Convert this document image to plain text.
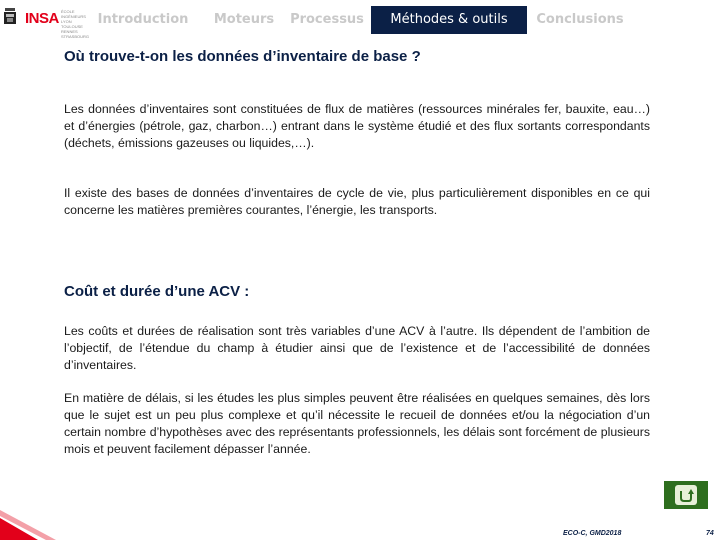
INSA ÉCOLE INGÉNIEURS LYON TOULOUSE RENNES STRASBOURG
Introduction	Moteurs	Processus	Méthodes & outils	Conclusions
Où trouve-t-on les données d’inventaire de base ?
Les données d’inventaires sont constituées de flux de matières (ressources minérales fer, bauxite, eau…) et d’énergies (pétrole, gaz, charbon…) entrant dans le système étudié et des flux sortants correspondants (déchets, émissions gazeuses ou liquides,…).
Il existe des bases de données d’inventaires de cycle de vie, plus particulièrement disponibles en ce qui concerne les matières premières courantes, l’énergie, les transports.
Coût et durée d’une ACV :
Les coûts et durées de réalisation sont très variables d’une ACV à l’autre. Ils dépendent de l’ambition de l’objectif, de l’étendue du champ à étudier ainsi que de l’existence et de l’accessibilité de données d’inventaires.
En matière de délais, si les études les plus simples peuvent être réalisées en quelques semaines, dès lors que le sujet est un peu plus complexe et qu’il nécessite le recueil de données et/ou la négociation d’un certain nombre d’hypothèses avec des représentants professionnels, les délais sont forcément de plusieurs mois et peuvent facilement dépasser l’année.
ECO-C, GMD2018	74
